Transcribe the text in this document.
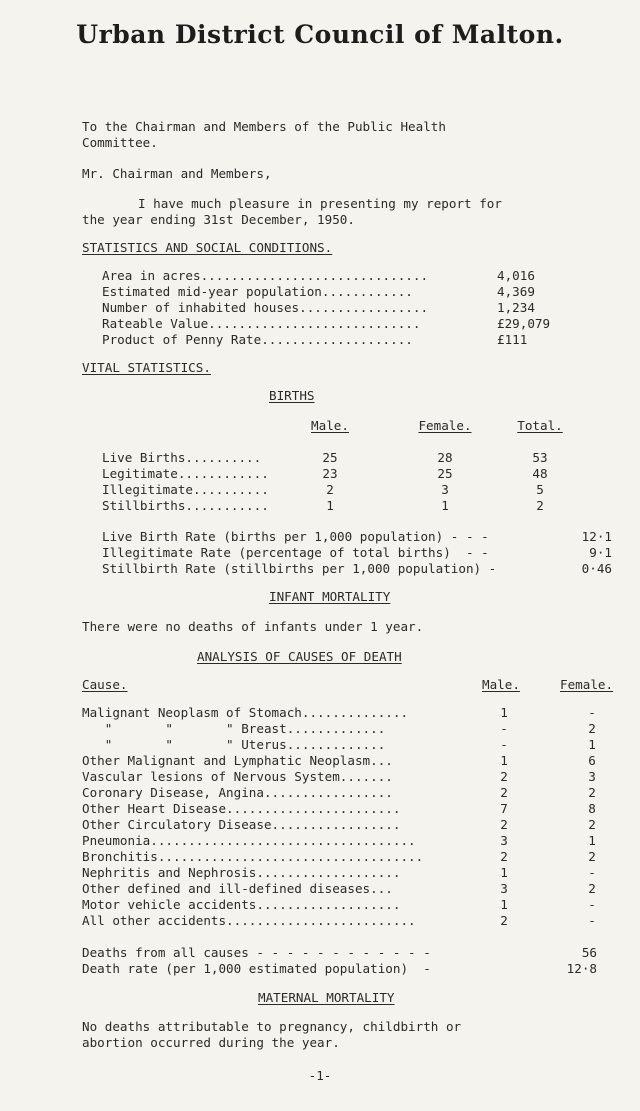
Urban District Council of Malton.
To the Chairman and Members of the Public Health
Committee.
Mr. Chairman and Members,
I have much pleasure in presenting my report for
the year ending 31st December, 1950.
STATISTICS AND SOCIAL CONDITIONS.
Area in acres..............................	4,016
Estimated mid-year population............	4,369
Number of inhabited houses.................	1,234
Rateable Value............................	£29,079
Product of Penny Rate....................	£111
VITAL STATISTICS.
BIRTHS
Male.	Female.	Total.
Live Births..........	25	28	53
Legitimate............	23	25	48
Illegitimate..........	2	3	5
Stillbirths...........	1	1	2
Live Birth Rate (births per 1,000 population) - - -	12·1
Illegitimate Rate (percentage of total births)  - -	9·1
Stillbirth Rate (stillbirths per 1,000 population) -	0·46
INFANT MORTALITY
There were no deaths of infants under 1 year.
ANALYSIS OF CAUSES OF DEATH
Cause.	Male.	Female.
Malignant Neoplasm of Stomach..............	1	-
"       "       " Breast.............	-	2
"       "       " Uterus.............	-	1
Other Malignant and Lymphatic Neoplasm...	1	6
Vascular lesions of Nervous System.......	2	3
Coronary Disease, Angina.................	2	2
Other Heart Disease.......................	7	8
Other Circulatory Disease.................	2	2
Pneumonia...................................	3	1
Bronchitis...................................	2	2
Nephritis and Nephrosis...................	1	-
Other defined and ill-defined diseases...	3	2
Motor vehicle accidents...................	1	-
All other accidents.........................	2	-
Deaths from all causes - - - - - - - - - - - -	56
Death rate (per 1,000 estimated population)  -	12·8
MATERNAL MORTALITY
No deaths attributable to pregnancy, childbirth or
abortion occurred during the year.
-1-
